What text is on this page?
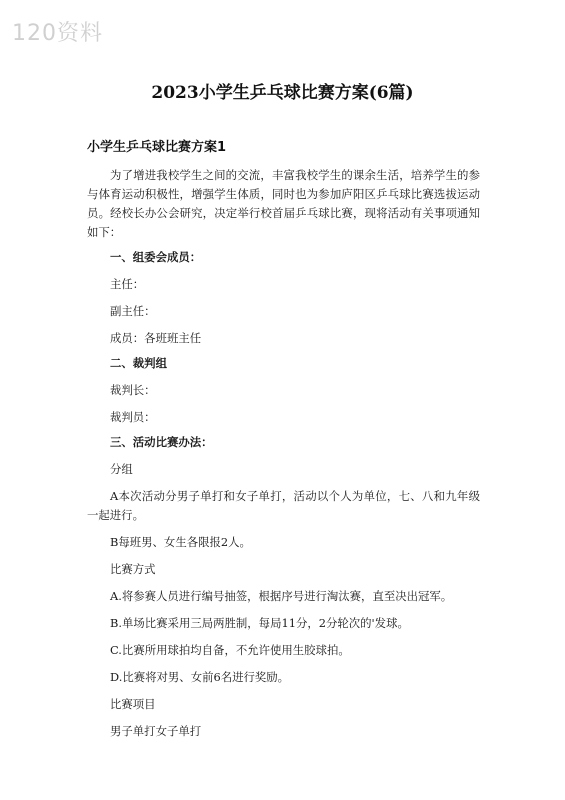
120资料
2023小学生乒乓球比赛方案(6篇)
小学生乒乓球比赛方案1

为了增进我校学生之间的交流，丰富我校学生的课余生活，培养学生的参与体育运动积极性，增强学生体质，同时也为参加庐阳区乒乓球比赛选拔运动员。经校长办公会研究，决定举行校首届乒乓球比赛，现将活动有关事项通知如下：

一、组委会成员：

主任：

副主任：

成员：各班班主任

二、裁判组

裁判长：

裁判员：

三、活动比赛办法：

分组

A本次活动分男子单打和女子单打，活动以个人为单位，七、八和九年级一起进行。

B每班男、女生各限报2人。

比赛方式

A.将参赛人员进行编号抽签，根据序号进行淘汰赛，直至决出冠军。

B.单场比赛采用三局两胜制，每局11分，2分轮次的'发球。

C.比赛所用球拍均自备，不允许使用生胶球拍。

D.比赛将对男、女前6名进行奖励。

比赛项目

男子单打女子单打
